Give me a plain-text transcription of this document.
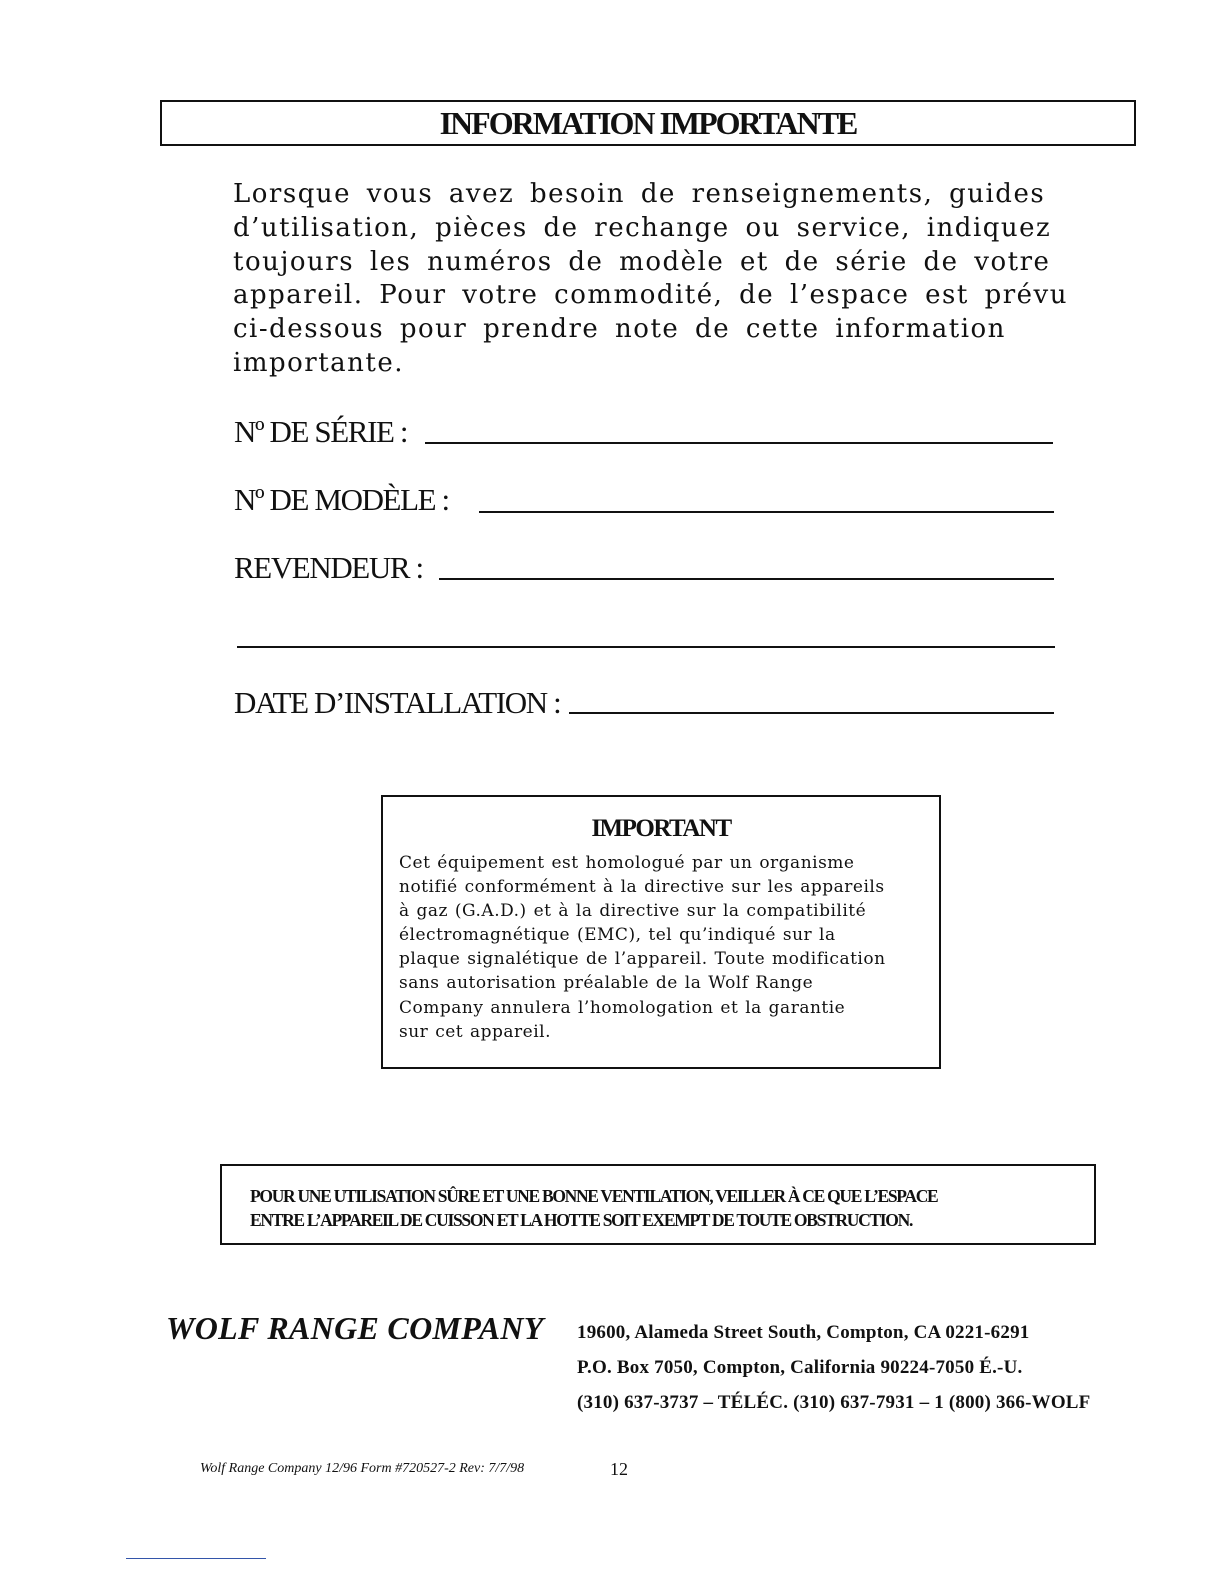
INFORMATION IMPORTANTE
Lorsque vous avez besoin de renseignements, guides
d’utilisation, pièces de rechange ou service, indiquez
toujours les numéros de modèle et de série de votre
appareil. Pour votre commodité, de l’espace est prévu
ci-dessous pour prendre note de cette information
importante.
Nº DE SÉRIE :
Nº DE MODÈLE :
REVENDEUR :
DATE D’INSTALLATION :
IMPORTANT
Cet équipement est homologué par un organisme
notifié conformément à la directive sur les appareils
à gaz (G.A.D.) et à la directive sur la compatibilité
électromagnétique (EMC), tel qu’indiqué sur la
plaque signalétique de l’appareil. Toute modification
sans autorisation préalable de la Wolf Range
Company annulera l’homologation et la garantie
sur cet appareil.
POUR UNE UTILISATION SÛRE ET UNE BONNE VENTILATION, VEILLER À CE QUE L’ESPACE
ENTRE L’APPAREIL DE CUISSON ET LA HOTTE SOIT EXEMPT DE TOUTE OBSTRUCTION.
WOLF RANGE COMPANY 19600, Alameda Street South, Compton, CA 0221-6291
P.O. Box 7050, Compton, California 90224-7050 É.-U.
(310) 637-3737 – TÉLÉC. (310) 637-7931 – 1 (800) 366-WOLF
Wolf Range Company 12/96 Form #720527-2 Rev: 7/7/98	12
